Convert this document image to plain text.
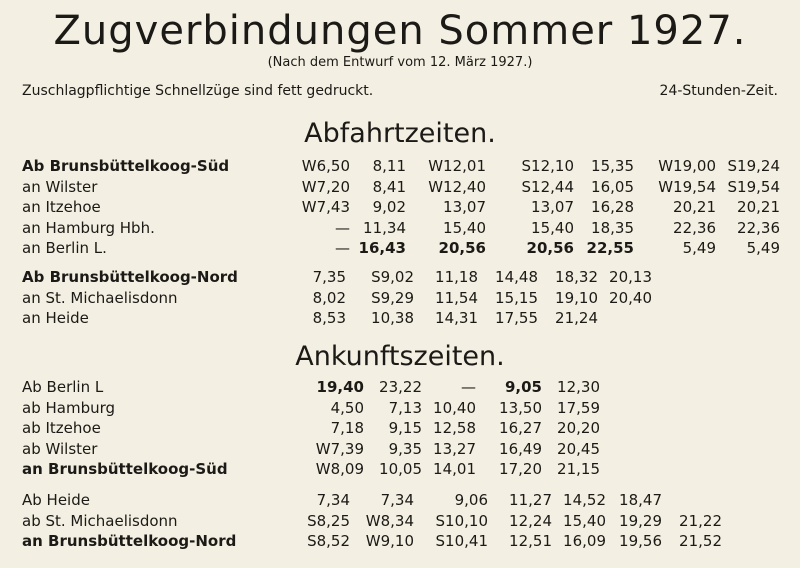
Zugverbindungen Sommer 1927.
(Nach dem Entwurf vom 12. März 1927.)
Zuschlagpflichtige Schnellzüge sind fett gedruckt.	24-Stunden-Zeit.
Abfahrtzeiten.
Ab Brunsbüttelkoog-Süd	W6,50 8,11 W12,01 S12,10 15,35 W19,00 S19,24
an Wilster	W7,20 8,41 W12,40 S12,44 16,05 W19,54 S19,54
an Itzehoe	W7,43 9,02 13,07	13,07 16,28	20,21 20,21
an Hamburg Hbh.	— 11,34 15,40	15,40 18,35	22,36 22,36
an Berlin L.	— 16,43 20,56	20,56 22,55	5,49 5,49
Ab Brunsbüttelkoog-Nord	7,35 S9,02 11,18 14,48 18,32 20,13
an St. Michaelisdonn	8,02 S9,29 11,54 15,15 19,10 20,40
an Heide	8,53 10,38 14,31 17,55 21,24
Ankunftszeiten.
Ab Berlin L	19,40 23,22	— 9,05 12,30
ab Hamburg	4,50 7,13 10,40 13,50 17,59
ab Itzehoe	7,18 9,15 12,58 16,27 20,20
ab Wilster	W7,39 9,35 13,27 16,49 20,45
an Brunsbüttelkoog-Süd	W8,09 10,05 14,01 17,20 21,15
Ab Heide	7,34 7,34	9,06 11,27 14,52 18,47
ab St. Michaelisdonn	S8,25 W8,34 S10,10 12,24 15,40 19,29 21,22
an Brunsbüttelkoog-Nord	S8,52 W9,10 S10,41 12,51 16,09 19,56 21,52
